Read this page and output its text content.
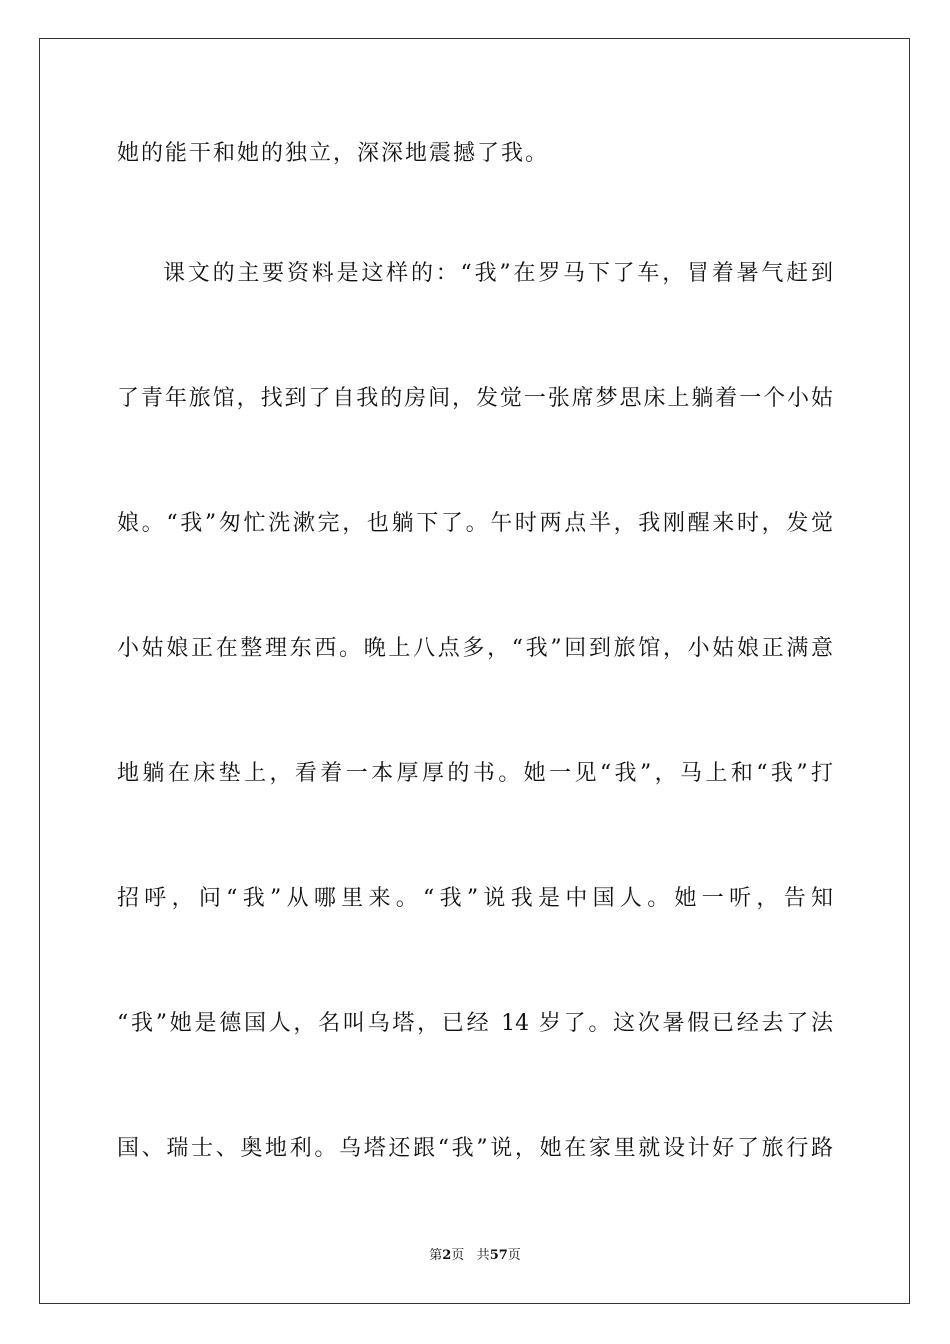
她的能干和她的独立，深深地震撼了我。
课文的主要资料是这样的：“我”在罗马下了车，冒着暑气赶到
了青年旅馆，找到了自我的房间，发觉一张席梦思床上躺着一个小姑
娘。“我”匆忙洗漱完，也躺下了。午时两点半，我刚醒来时，发觉
小姑娘正在整理东西。晚上八点多，“我”回到旅馆，小姑娘正满意
地躺在床垫上，看着一本厚厚的书。她一见“我”，马上和“我”打
招呼，问“我”从哪里来。“我”说我是中国人。她一听，告知
“我”她是德国人，名叫乌塔，已经 14 岁了。这次暑假已经去了法
国、瑞士、奥地利。乌塔还跟“我”说，她在家里就设计好了旅行路
第2页 共57页
